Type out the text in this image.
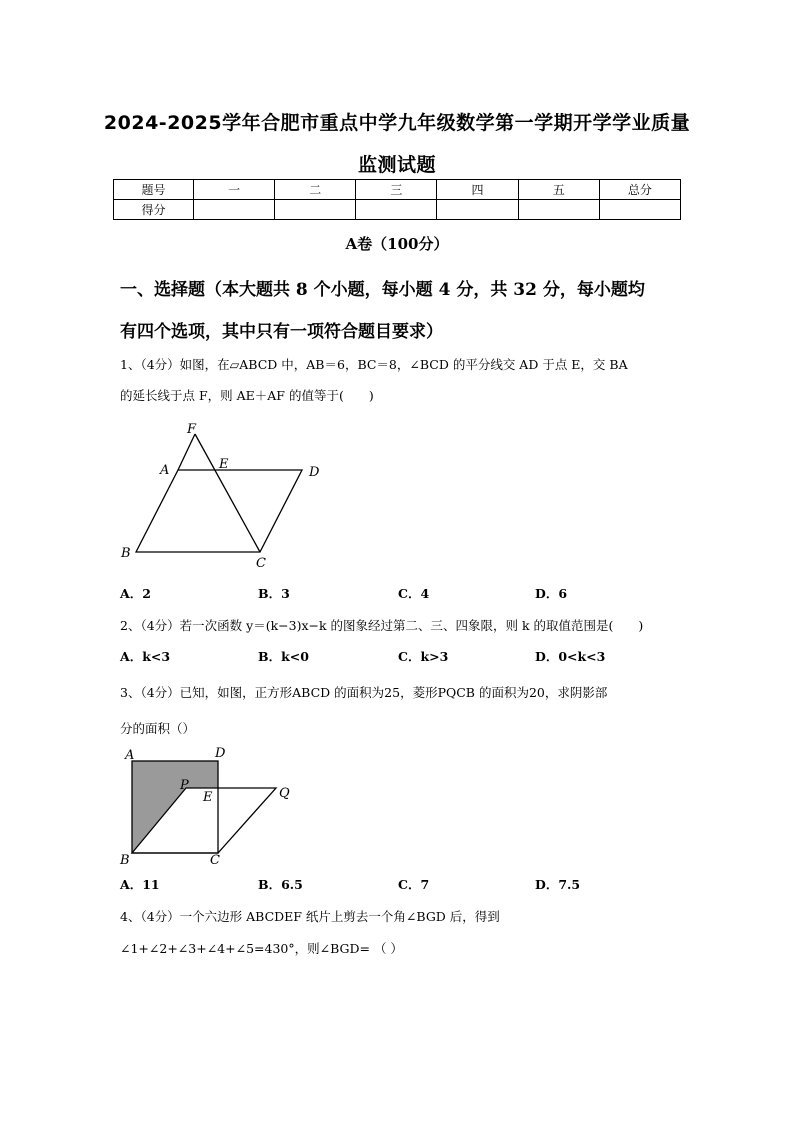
2024-2025学年合肥市重点中学九年级数学第一学期开学学业质量
监测试题
题号	一	二	三	四	五	总分
得分						
A卷（100分）
一、选择题（本大题共 8 个小题，每小题 4 分，共 32 分，每小题均
有四个选项，其中只有一项符合题目要求）
1、（4分）如图，在▱ABCD 中，AB＝6，BC＝8，∠BCD 的平分线交 AD 于点 E，交 BA
的延长线于点 F，则 AE＋AF 的值等于(　　)
F
A	E
D
B
C
A．2	B．3	C．4	D．6
2、（4分）若一次函数 y＝(k−3)x−k 的图象经过第二、三、四象限，则 k 的取值范围是(　　)
A．k<3	B．k<0	C．k>3	D．0<k<3
3、（4分）已知，如图，正方形ABCD 的面积为25，菱形PQCB 的面积为20，求阴影部
分的面积（）
A	D
P
E	Q
B	C
A．11	B．6.5	C．7	D．7.5
4、（4分）一个六边形 ABCDEF 纸片上剪去一个角∠BGD 后，得到
∠1+∠2+∠3+∠4+∠5=430°，则∠BGD= （ ）
